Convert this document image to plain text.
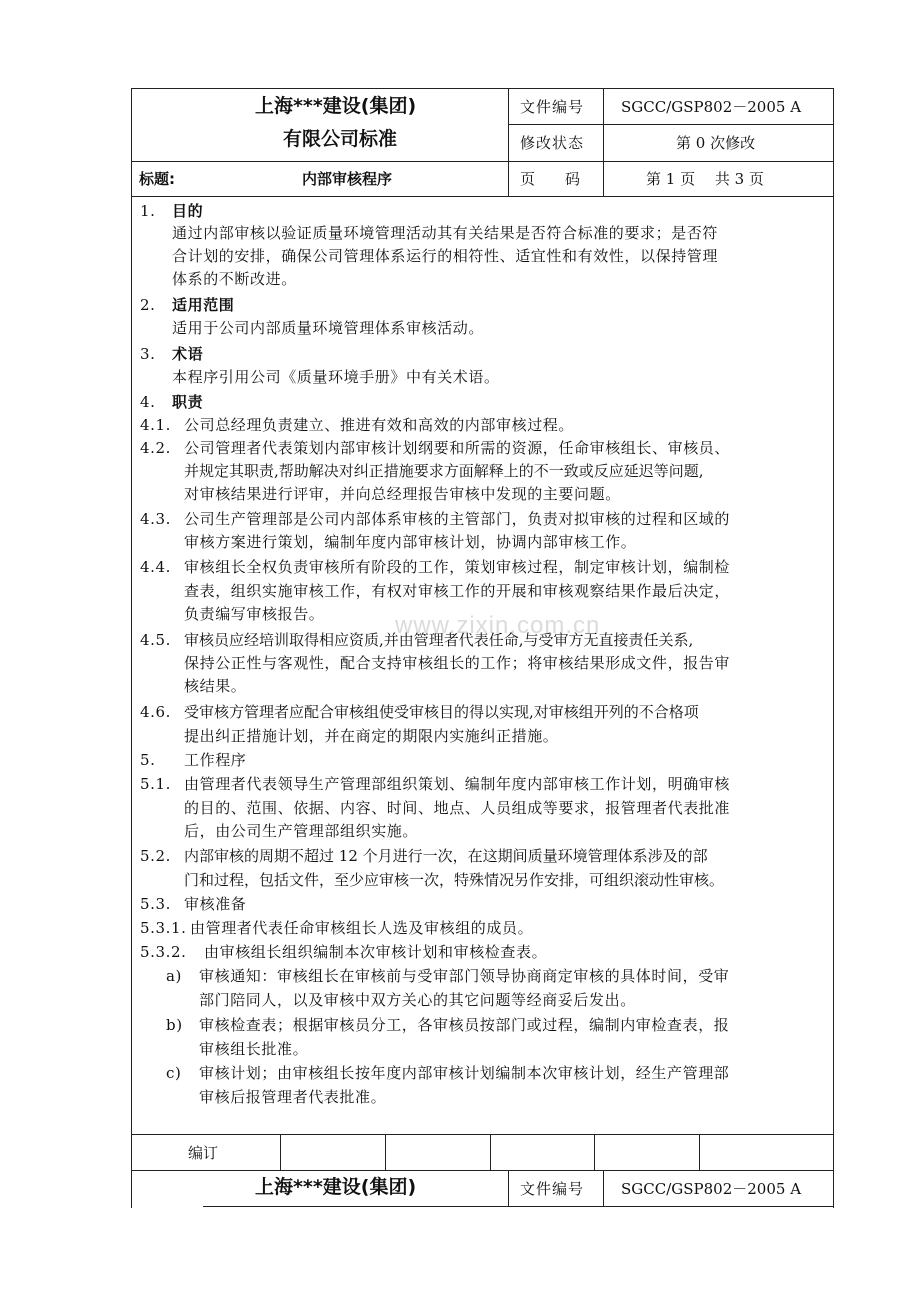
上海***建设(集团)
有限公司标准
文件编号 SGCC/GSP802－2005 A
修改状态	第 0 次修改
标题:	内部审核程序	页　　码	第 1 页　 共 3 页
1. 目的
通过内部审核以验证质量环境管理活动其有关结果是否符合标准的要求；是否符
合计划的安排，确保公司管理体系运行的相符性、适宜性和有效性，以保持管理
体系的不断改进。
2. 适用范围
适用于公司内部质量环境管理体系审核活动。
3. 术语
本程序引用公司《质量环境手册》中有关术语。
4. 职责
4.1. 公司总经理负责建立、推进有效和高效的内部审核过程。
4.2. 公司管理者代表策划内部审核计划纲要和所需的资源，任命审核组长、审核员、
并规定其职责,帮助解决对纠正措施要求方面解释上的不一致或反应延迟等问题,
对审核结果进行评审，并向总经理报告审核中发现的主要问题。
4.3. 公司生产管理部是公司内部体系审核的主管部门，负责对拟审核的过程和区域的
审核方案进行策划，编制年度内部审核计划，协调内部审核工作。
4.4. 审核组长全权负责审核所有阶段的工作，策划审核过程，制定审核计划，编制检
查表，组织实施审核工作，有权对审核工作的开展和审核观察结果作最后决定，
负责编写审核报告。
4.5. 审核员应经培训取得相应资质,并由管理者代表任命,与受审方无直接责任关系,
保持公正性与客观性，配合支持审核组长的工作；将审核结果形成文件，报告审
核结果。
4.6. 受审核方管理者应配合审核组使受审核目的得以实现,对审核组开列的不合格项
提出纠正措施计划，并在商定的期限内实施纠正措施。
5. 工作程序
5.1. 由管理者代表领导生产管理部组织策划、编制年度内部审核工作计划，明确审核
的目的、范围、依据、内容、时间、地点、人员组成等要求，报管理者代表批准
后，由公司生产管理部组织实施。
5.2. 内部审核的周期不超过 12 个月进行一次，在这期间质量环境管理体系涉及的部
门和过程，包括文件，至少应审核一次，特殊情况另作安排，可组织滚动性审核。
5.3. 审核准备
5.3.1. 由管理者代表任命审核组长人选及审核组的成员。
5.3.2. 由审核组长组织编制本次审核计划和审核检查表。
a) 审核通知：审核组长在审核前与受审部门领导协商商定审核的具体时间，受审
部门陪同人，以及审核中双方关心的其它问题等经商妥后发出。
b) 审核检查表；根据审核员分工，各审核员按部门或过程，编制内审检查表，报
审核组长批准。
c) 审核计划；由审核组长按年度内部审核计划编制本次审核计划，经生产管理部
审核后报管理者代表批准。
www.zixin.com.cn
编订
上海***建设(集团)	文件编号 SGCC/GSP802－2005 A
